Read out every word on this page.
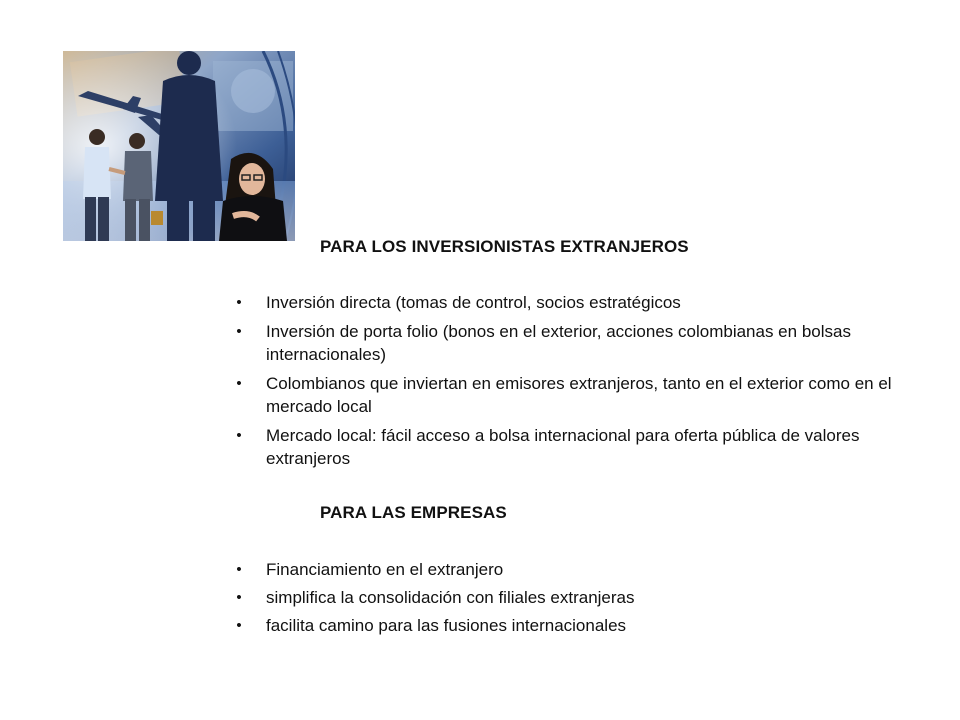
PARA LOS INVERSIONISTAS EXTRANJEROS
• Inversión directa (tomas de control, socios estratégicos
• Inversión de porta folio (bonos en el exterior, acciones colombianas en bolsas internacionales)
• Colombianos que inviertan en emisores extranjeros, tanto en el exterior como en el mercado local
• Mercado local: fácil acceso a bolsa internacional para oferta pública de valores extranjeros
PARA LAS EMPRESAS
• Financiamiento en el extranjero
• simplifica la consolidación con filiales extranjeras
• facilita camino para las fusiones internacionales
